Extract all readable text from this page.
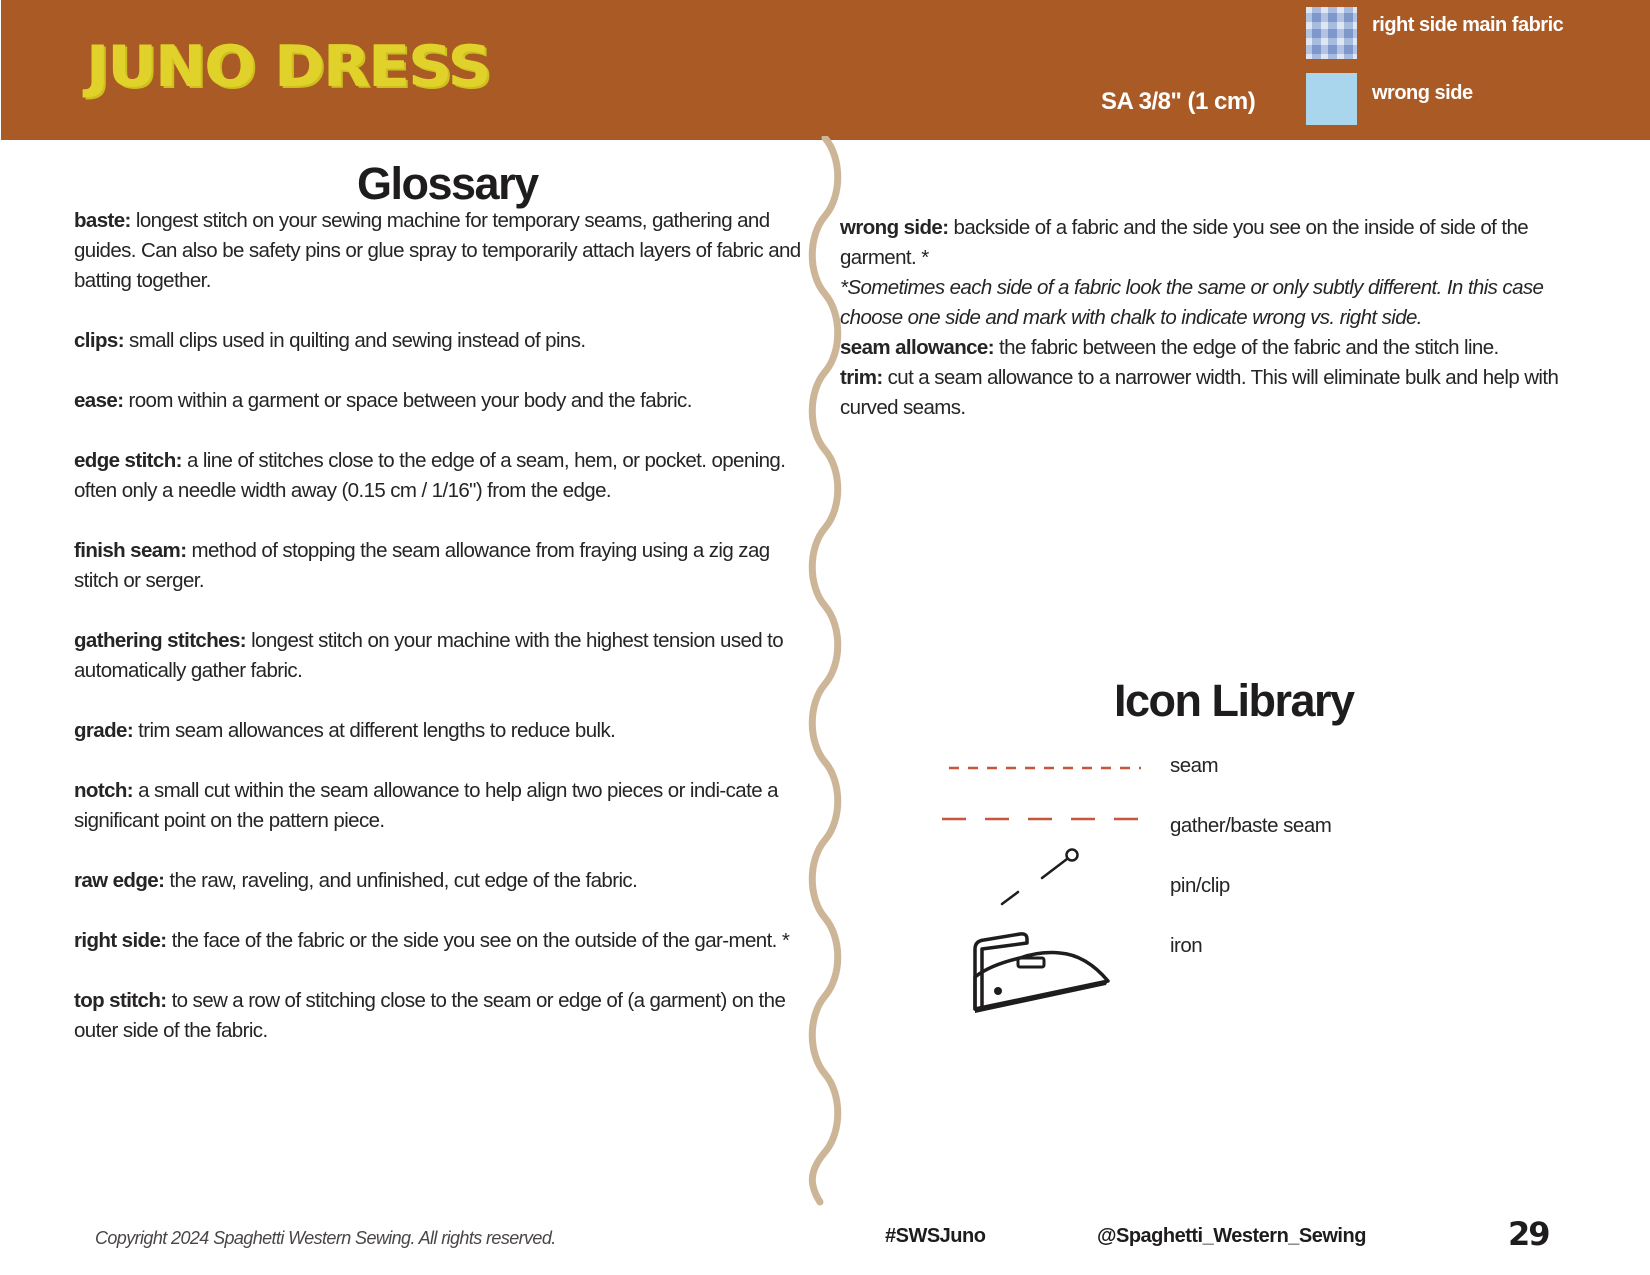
JUNO DRESS
SA 3/8" (1 cm)
right side main fabric
wrong side
Glossary

baste: longest stitch on your sewing machine for temporary seams, gathering and guides. Can also be safety pins or glue spray to temporarily attach layers of fabric and batting together.

clips: small clips used in quilting and sewing instead of pins.

ease: room within a garment or space between your body and the fabric.

edge stitch: a line of stitches close to the edge of a seam, hem, or pocket. opening. often only a needle width away (0.15 cm / 1/16") from the edge.

finish seam: method of stopping the seam allowance from fraying using a zig zag stitch or serger.

gathering stitches: longest stitch on your machine with the highest tension used to automatically gather fabric.

grade: trim seam allowances at different lengths to reduce bulk.

notch: a small cut within the seam allowance to help align two pieces or indi-cate a significant point on the pattern piece.

raw edge: the raw, raveling, and unfinished, cut edge of the fabric.

right side: the face of the fabric or the side you see on the outside of the gar-ment. *

top stitch: to sew a row of stitching close to the seam or edge of (a garment) on the outer side of the fabric.

wrong side: backside of a fabric and the side you see on the inside of side of the garment. *

*Sometimes each side of a fabric look the same or only subtly different. In this case choose one side and mark with chalk to indicate wrong vs. right side.

seam allowance: the fabric between the edge of the fabric and the stitch line.

trim: cut a seam allowance to a narrower width. This will eliminate bulk and help with curved seams.

Icon Library
seam
gather/baste seam
pin/clip
iron
Copyright 2024 Spaghetti Western Sewing. All rights reserved.	#SWSJuno	@Spaghetti_Western_Sewing	29
